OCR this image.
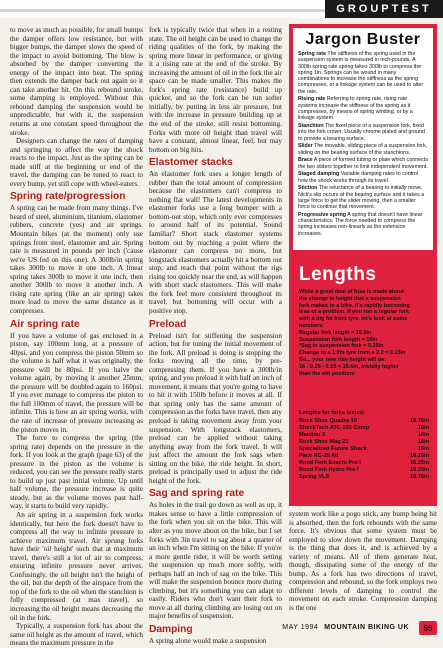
GROUPTEST

to move as much as possible, for small bumps the damper offers low resistance, but with bigger bumps, the damper slows the speed of the impact to avoid bottoming. The blow is absorbed by the damper converting the energy of the impact into heat. The spring then extends the damper back out again so it can take another hit. On this rebound stroke, some damping is employed. Without this rebound damping the suspension would be unpredictable, but with it, the suspension returns at one constant speed throughout the stroke.

Designers can change the rates of damping and springing to affect the way the shock reacts to the impact. Just as the spring can be made stiff at the beginning or end of the travel, the damping can be tuned to react to every bump, yet still cope with wheel-eaters.

Spring rate/progression

A spring can be made from many things. I've heard of steel, aluminium, titanium, elastomer rubbers, concrete (yes) and air springs. Mountain bikes (at the moment) only use springs from steel, elastomer and air. Spring rate is measured in pounds per inch ('cause we're US fed on this one). A 300lb/in spring takes 300lb to move it one inch. A linear spring takes 300lb to move it one inch, then another 300lb to move it another inch. A rising rate spring (like an air spring) takes more load to move the same distance as it compresses.

Air spring rate

If you have a volume of gas enclosed in a piston, say 100mm long, at a pressure of 40psi, and you compress the piston 50mm so the volume is half what it was originally, the pressure will be 80psi. If you halve the volume again, by moving it another 25mm, the pressure will be doubled again to 160psi. If you ever manage to compress the piston to the full 100mm of travel, the pressure will be infinite. This is how an air spring works, with the rate of increase of pressure increasing as the piston moves in.

The force to compress the spring (the spring rate) depends on the pressure in the fork. If you look at the graph (page 63) of the pressure in the piston as the volume is reduced, you can see the pressure really starts to build up just past initial volume. Up until half volume, the pressure increase is quite steady, but as the volume moves past half-way, it starts to build very rapidly.

An air spring in a suspension fork works identically, but here the fork doesn't have to compress all the way to infinite pressure to achieve maximum travel. Air sprung forks have their 'oil height' such that at maximum travel, there's still a lot of air to compress, ensuring infinite pressure never arrives. Confusingly, the oil height isn't the height of the oil, but the depth of the airspace from the top of the fork to the oil when the stanchion is fully compressed (at max travel), so increasing the oil height means decreasing the oil in the fork.

Typically, a suspension fork has about the same oil height as the amount of travel, which means the maximum pressure in the

fork is typically twice that when in a resting state. The oil height can be used to change the riding qualities of the fork, by making the spring more linear in performance, or giving it a rising rate at the end of the stroke. By increasing the amount of oil in the fork the air space can be made smaller. This makes the fork's spring rate (resistance) build up quicker, and so the fork can be run softer initially, by putting in less air pressure, but with the increase in pressure building up at the end of the stroke, still resist bottoming. Forks with more oil height than travel will have a constant, almost linear, feel, but may bottom on big hits.

Elastomer stacks

An elastomer fork uses a longer length of rubber than the total amount of compression because the elastomers can't compress to nothing flat wall! The latest developments in elastomer forks use a long bumper with a bottom-out stop, which only ever compresses to around half of its potential. Sound familiar? Short stack elastomer systems bottom out by reaching a point where the elastomer can compress no more, but longstack elastomers actually hit a bottom out stop, and reach that point without the rigs rising too quickly near the end, as will happen with short stack elastomers. This will make the fork feel more consistent throughout its travel, but bottoming will occur with a positive stop.

Preload

Preload isn't for stiffening the suspension action, but for tuning the initial movement of the fork. All preload is doing is stopping the forks moving all the time, by pre-compressing them. If you have a 300lb/in spring, and you preload it with half an inch of movement, it means that you're going to have to hit it with 150lb before it moves at all. If that spring only has the same amount of compression as the forks have travel, then any preload is taking movement away from your suspension. With longstack elastomers, preload can be applied without taking anything away from the fork travel. It will just affect the amount the fork sags when sitting on the bike, the ride height. In short, preload is principally used to adjust the ride height of the fork.

Sag and spring rate

As holes in the trail go down as well as up, it makes sense to have a little compression of the fork when you sit on the bike. This will alter as you move about on the bike, but I set forks with 3in travel to sag about a quarter of an inch when I'm sitting on the bike. If you're a more gentle rider, it will be worth setting the suspension up much more softly, with perhaps half an inch of sag on the bike. This will make the suspension bounce more during climbing, but it's something you can adapt to easily. Riders who don't want their fork to move at all during climbing are losing out on major benefits of suspension.

Damping

A spring alone would make a suspension

Jargon Buster

Spring rate The stiffness of the spring used in the suspension system is measured in inch-pounds. A 300lb spring rate spring takes 300lb to compress the spring 1in. Springs can be wound in many combinations to increase the stiffness as the spring compresses, or a linkage system can be used to alter the rate.

Rising rate Referring to spring rate, rising rate systems increase the stiffness of the spring as it compresses, by means of spring winding, or by a linkage system.

Stanchion The fixed piece of a suspension fork, fixed into the fork crown. Usually chrome plated and ground to provide a bearing surface.

Slider The movable, sliding piece of a suspension fork, sliding on the bearing surface of the stanchions.

Brace A piece of formed tubing or plate which connects the two sliders together to limit independent movement.

Staged damping Variable damping rates to control how the shock works through its travel.

Stiction The reluctance of a bearing to initially move. Nick's slip occurs at the bearing surface and it takes a large force to get the slider moving, then a smaller force to continue that movement.

Progressive spring A spring that doesn't have linear characteristics. The force needed to compress the spring increases non-linearly as the extension increases.

Lengths
While a great deal of fuss is made about
the change in height that a suspension
fork makes to a bike, it's rapidly becoming
less of a problem. If you run a regular fork
with a big fat front tyre, let's look at some
numbers:
Regular fork length = 15.5in
Suspension fork length = 16in
*Sag in suspension fork = 0.25in
Change to a 1.9in tyre from a 2.2 = 0.15in
So... your new ride height will be:
16 - 0.25 - 0.15 = 15.6in, trivially higher
than the old position!
Lengths for forks tested:
Rock Shox Quadra 10	15.75in
ShockTech ATC 100 Comp	16in
Manitou 3	16in
Rock Shox Mag 21	16in
Specialized Future Shock	16in
Pace RC-35 All	16.25in
Rond Fork Exacto Pro I	16.25in
Rond Fork Hydro Pro I	16.25in
Spring VLS	16.75in

system work like a pogo stick, any bump being hit is absorbed, then the fork rebounds with the same force. It's obvious that some system must be employed to slow down the movement. Damping is the thing that does it, and is achieved by a variety of means. All of them generate heat, though, dissipating some of the energy of the bump. As a fork has two directions of travel, compression and rebound, so the fork employs two different levels of damping to control the movement on each stroke. Compression damping is the one

MAY 1994 MOUNTAIN BIKING UK	55
